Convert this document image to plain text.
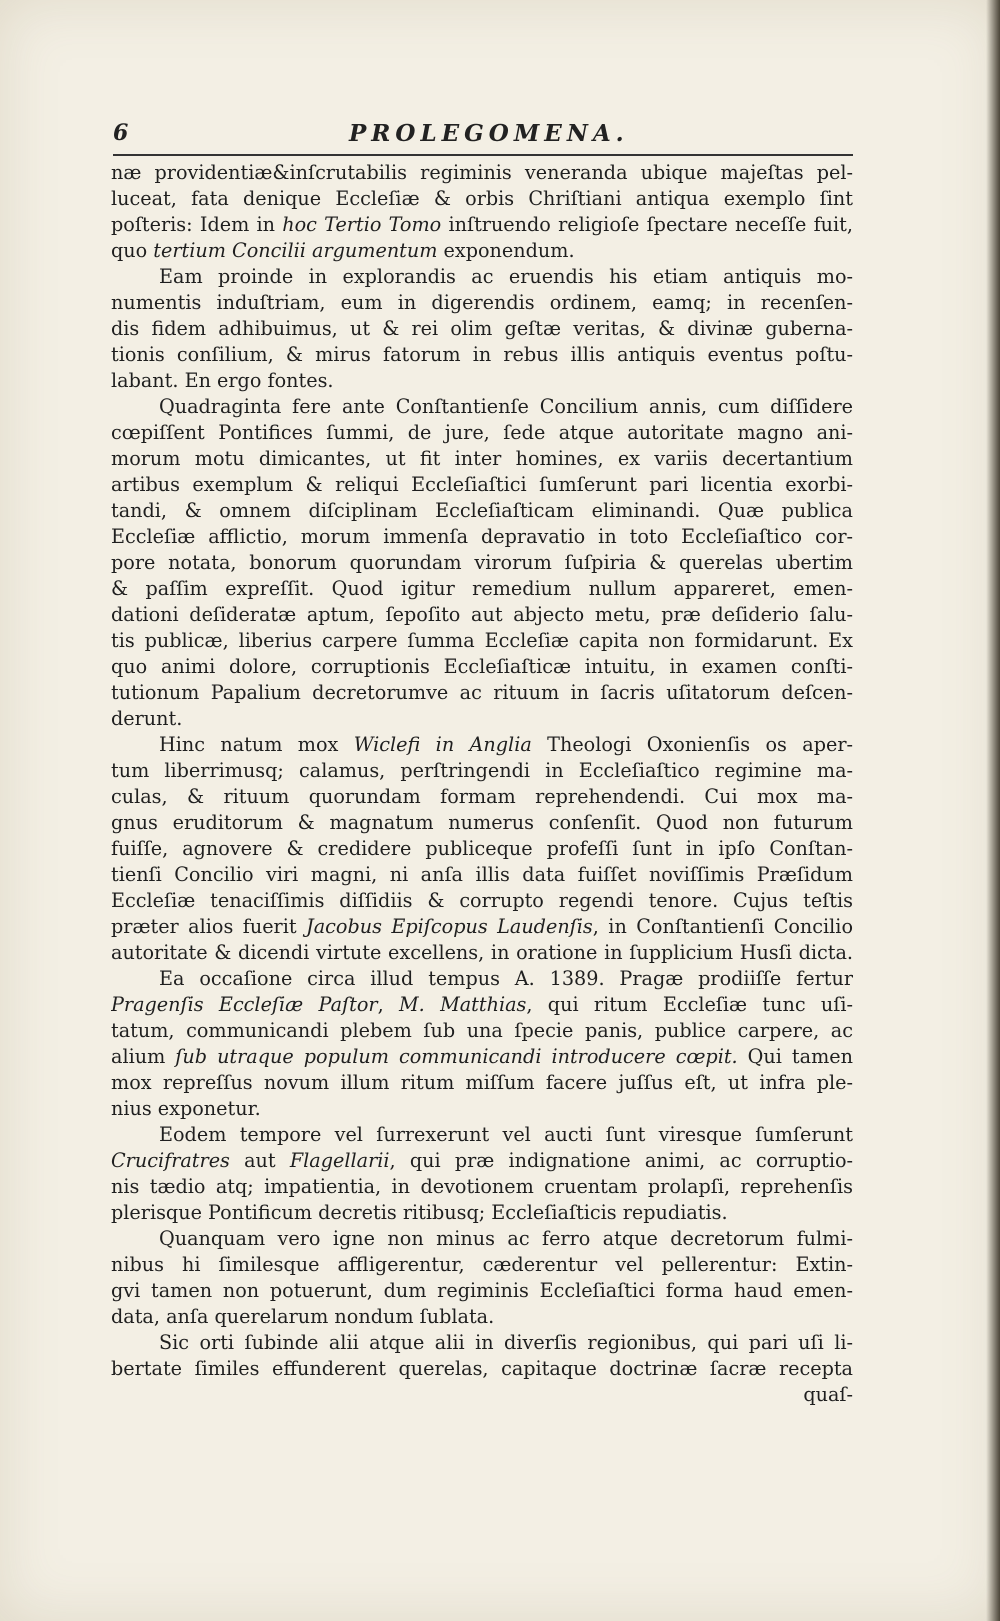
6	PROLEGOMENA.
næ providentiæ&inſcrutabilis regiminis veneranda ubique majeſtas pel-
luceat, fata denique Eccleſiæ & orbis Chriſtiani antiqua exemplo ſint
poſteris: Idem in hoc Tertio Tomo inſtruendo religioſe ſpectare neceſſe fuit,
quo tertium Concilii argumentum exponendum.
Eam proinde in explorandis ac eruendis his etiam antiquis mo-
numentis induſtriam, eum in digerendis ordinem, eamq; in recenſen-
dis fidem adhibuimus, ut & rei olim geſtæ veritas, & divinæ guberna-
tionis conſilium, & mirus fatorum in rebus illis antiquis eventus poſtu-
labant. En ergo fontes.
Quadraginta fere ante Conſtantienſe Concilium annis, cum diſſidere
cœpiſſent Pontifices ſummi, de jure, ſede atque autoritate magno ani-
morum motu dimicantes, ut fit inter homines, ex variis decertantium
artibus exemplum & reliqui Eccleſiaſtici ſumſerunt pari licentia exorbi-
tandi, & omnem diſciplinam Eccleſiaſticam eliminandi. Quæ publica
Eccleſiæ afflictio, morum immenſa depravatio in toto Eccleſiaſtico cor-
pore notata, bonorum quorundam virorum ſuſpiria & querelas ubertim
& paſſim expreſſit. Quod igitur remedium nullum appareret, emen-
dationi deſideratæ aptum, ſepoſito aut abjecto metu, præ deſiderio ſalu-
tis publicæ, liberius carpere ſumma Eccleſiæ capita non formidarunt. Ex
quo animi dolore, corruptionis Eccleſiaſticæ intuitu, in examen conſti-
tutionum Papalium decretorumve ac rituum in ſacris uſitatorum deſcen-
derunt.
Hinc natum mox Wiclefi in Anglia Theologi Oxonienſis os aper-
tum liberrimusq; calamus, perſtringendi in Eccleſiaſtico regimine ma-
culas, & rituum quorundam formam reprehendendi. Cui mox ma-
gnus eruditorum & magnatum numerus conſenſit. Quod non futurum
fuiſſe, agnovere & credidere publiceque profeſſi ſunt in ipſo Conſtan-
tienſi Concilio viri magni, ni anſa illis data fuiſſet noviſſimis Præſidum
Eccleſiæ tenaciſſimis diſſidiis & corrupto regendi tenore. Cujus teſtis
præter alios fuerit Jacobus Epiſcopus Laudenſis, in Conſtantienſi Concilio
autoritate & dicendi virtute excellens, in oratione in ſupplicium Husſi dicta.
Ea occaſione circa illud tempus A. 1389. Pragæ prodiiſſe fertur
Pragenſis Eccleſiæ Paſtor, M. Matthias, qui ritum Eccleſiæ tunc uſi-
tatum, communicandi plebem ſub una ſpecie panis, publice carpere, ac
alium ſub utraque populum communicandi introducere cœpit. Qui tamen
mox repreſſus novum illum ritum miſſum facere juſſus eſt, ut infra ple-
nius exponetur.
Eodem tempore vel ſurrexerunt vel aucti ſunt viresque ſumſerunt
Crucifratres aut Flagellarii, qui præ indignatione animi, ac corruptio-
nis tædio atq; impatientia, in devotionem cruentam prolapſi, reprehenſis
plerisque Pontificum decretis ritibusq; Eccleſiaſticis repudiatis.
Quanquam vero igne non minus ac ferro atque decretorum fulmi-
nibus hi ſimilesque affligerentur, cæderentur vel pellerentur: Extin-
gvi tamen non potuerunt, dum regiminis Eccleſiaſtici forma haud emen-
data, anſa querelarum nondum ſublata.
Sic orti ſubinde alii atque alii in diverſis regionibus, qui pari uſi li-
bertate ſimiles effunderent querelas, capitaque doctrinæ ſacræ recepta
quaſ-
